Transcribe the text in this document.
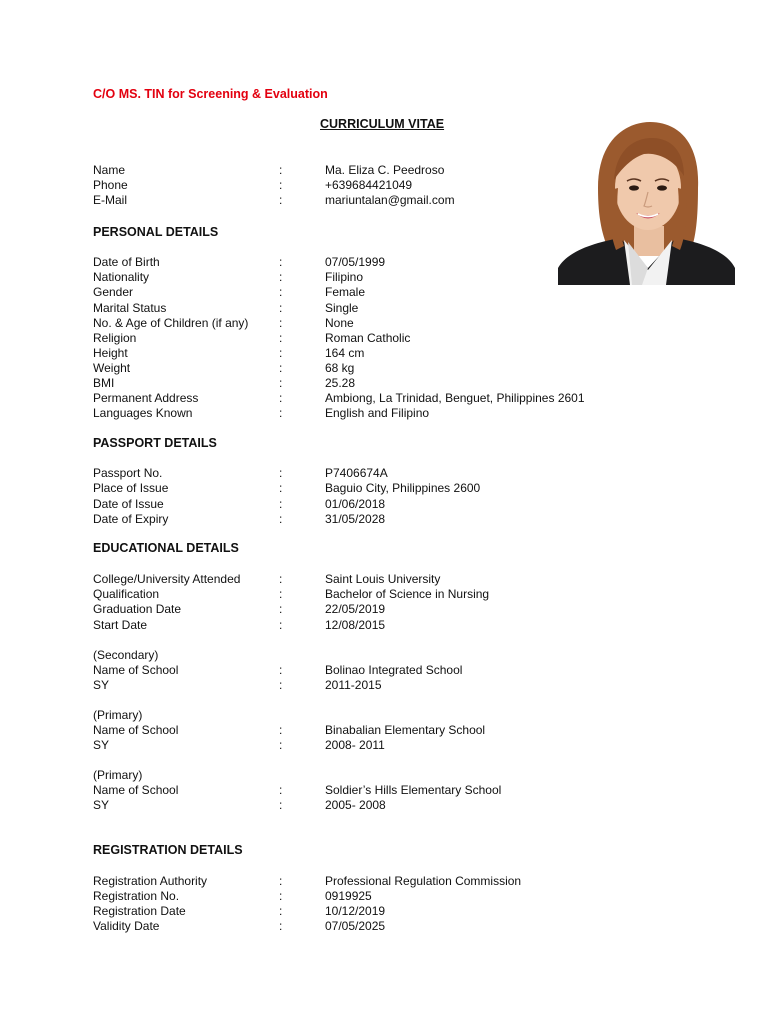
C/O MS. TIN for Screening & Evaluation
CURRICULUM VITAE
Name	:	Ma. Eliza C. Peedroso
Phone	:	+639684421049
E-Mail	:	mariuntalan@gmail.com
PERSONAL DETAILS
Date of Birth	:	07/05/1999
Nationality	:	Filipino
Gender	:	Female
Marital Status	:	Single
No. & Age of Children (if any)	:	None
Religion	:	Roman Catholic
Height	:	164 cm
Weight	:	68 kg
BMI	:	25.28
Permanent Address	:	Ambiong, La Trinidad, Benguet, Philippines 2601
Languages Known	:	English and Filipino
PASSPORT DETAILS
Passport No.	:	P7406674A
Place of Issue	:	Baguio City, Philippines 2600
Date of Issue	:	01/06/2018
Date of Expiry	:	31/05/2028
EDUCATIONAL DETAILS
College/University Attended	:	Saint Louis University
Qualification	:	Bachelor of Science in Nursing
Graduation Date	:	22/05/2019
Start Date	:	12/08/2015
(Secondary)
Name of School	:	Bolinao Integrated School
SY	:	2011-2015
(Primary)
Name of School	:	Binabalian Elementary School
SY	:	2008- 2011
(Primary)
Name of School	:	Soldier’s Hills Elementary School
SY	:	2005- 2008
REGISTRATION DETAILS
Registration Authority	:	Professional Regulation Commission
Registration No.	:	0919925
Registration Date	:	10/12/2019
Validity Date	:	07/05/2025
